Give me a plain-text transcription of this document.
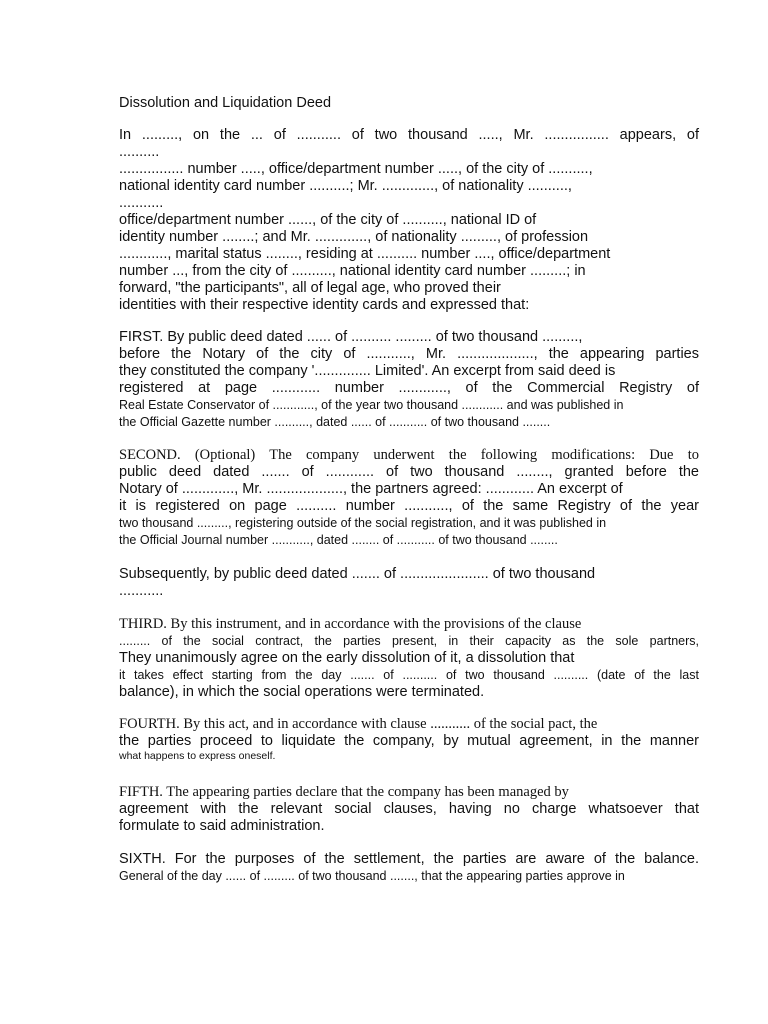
Dissolution and Liquidation Deed
In ........., on the ... of ........... of two thousand ....., Mr. ................ appears, of
..........
................ number ....., office/department number ....., of the city of ..........,
national identity card number ..........; Mr. ............., of nationality ..........,
...........
office/department number ......, of the city of .........., national ID of
identity number ........; and Mr. ............., of nationality ........., of profession
............, marital status ........, residing at .......... number ...., office/department
number ..., from the city of .........., national identity card number .........; in
forward, "the participants", all of legal age, who proved their
identities with their respective identity cards and expressed that:
FIRST. By public deed dated ...... of .......... ......... of two thousand .........,
before the Notary of the city of ..........., Mr. ..................., the appearing parties
they constituted the company '.............. Limited'. An excerpt from said deed is
registered at page ............ number ............, of the Commercial Registry of
Real Estate Conservator of ............, of the year two thousand ............ and was published in
the Official Gazette number .........., dated ...... of ........... of two thousand ........
SECOND. (Optional) The company underwent the following modifications: Due to
public deed dated ....... of ............ of two thousand ........, granted before the
Notary of ............., Mr. ..................., the partners agreed: ............ An excerpt of
it is registered on page .......... number ..........., of the same Registry of the year
two thousand ........., registering outside of the social registration, and it was published in
the Official Journal number ..........., dated ........ of ........... of two thousand ........
Subsequently, by public deed dated ....... of ...................... of two thousand
...........
THIRD. By this instrument, and in accordance with the provisions of the clause
......... of the social contract, the parties present, in their capacity as the sole partners,
They unanimously agree on the early dissolution of it, a dissolution that
it takes effect starting from the day ....... of .......... of two thousand .......... (date of the last
balance), in which the social operations were terminated.
FOURTH. By this act, and in accordance with clause ........... of the social pact, the
the parties proceed to liquidate the company, by mutual agreement, in the manner
what happens to express oneself.
FIFTH. The appearing parties declare that the company has been managed by
agreement with the relevant social clauses, having no charge whatsoever that
formulate to said administration.
SIXTH. For the purposes of the settlement, the parties are aware of the balance.
General of the day ...... of ......... of two thousand ......., that the appearing parties approve in
